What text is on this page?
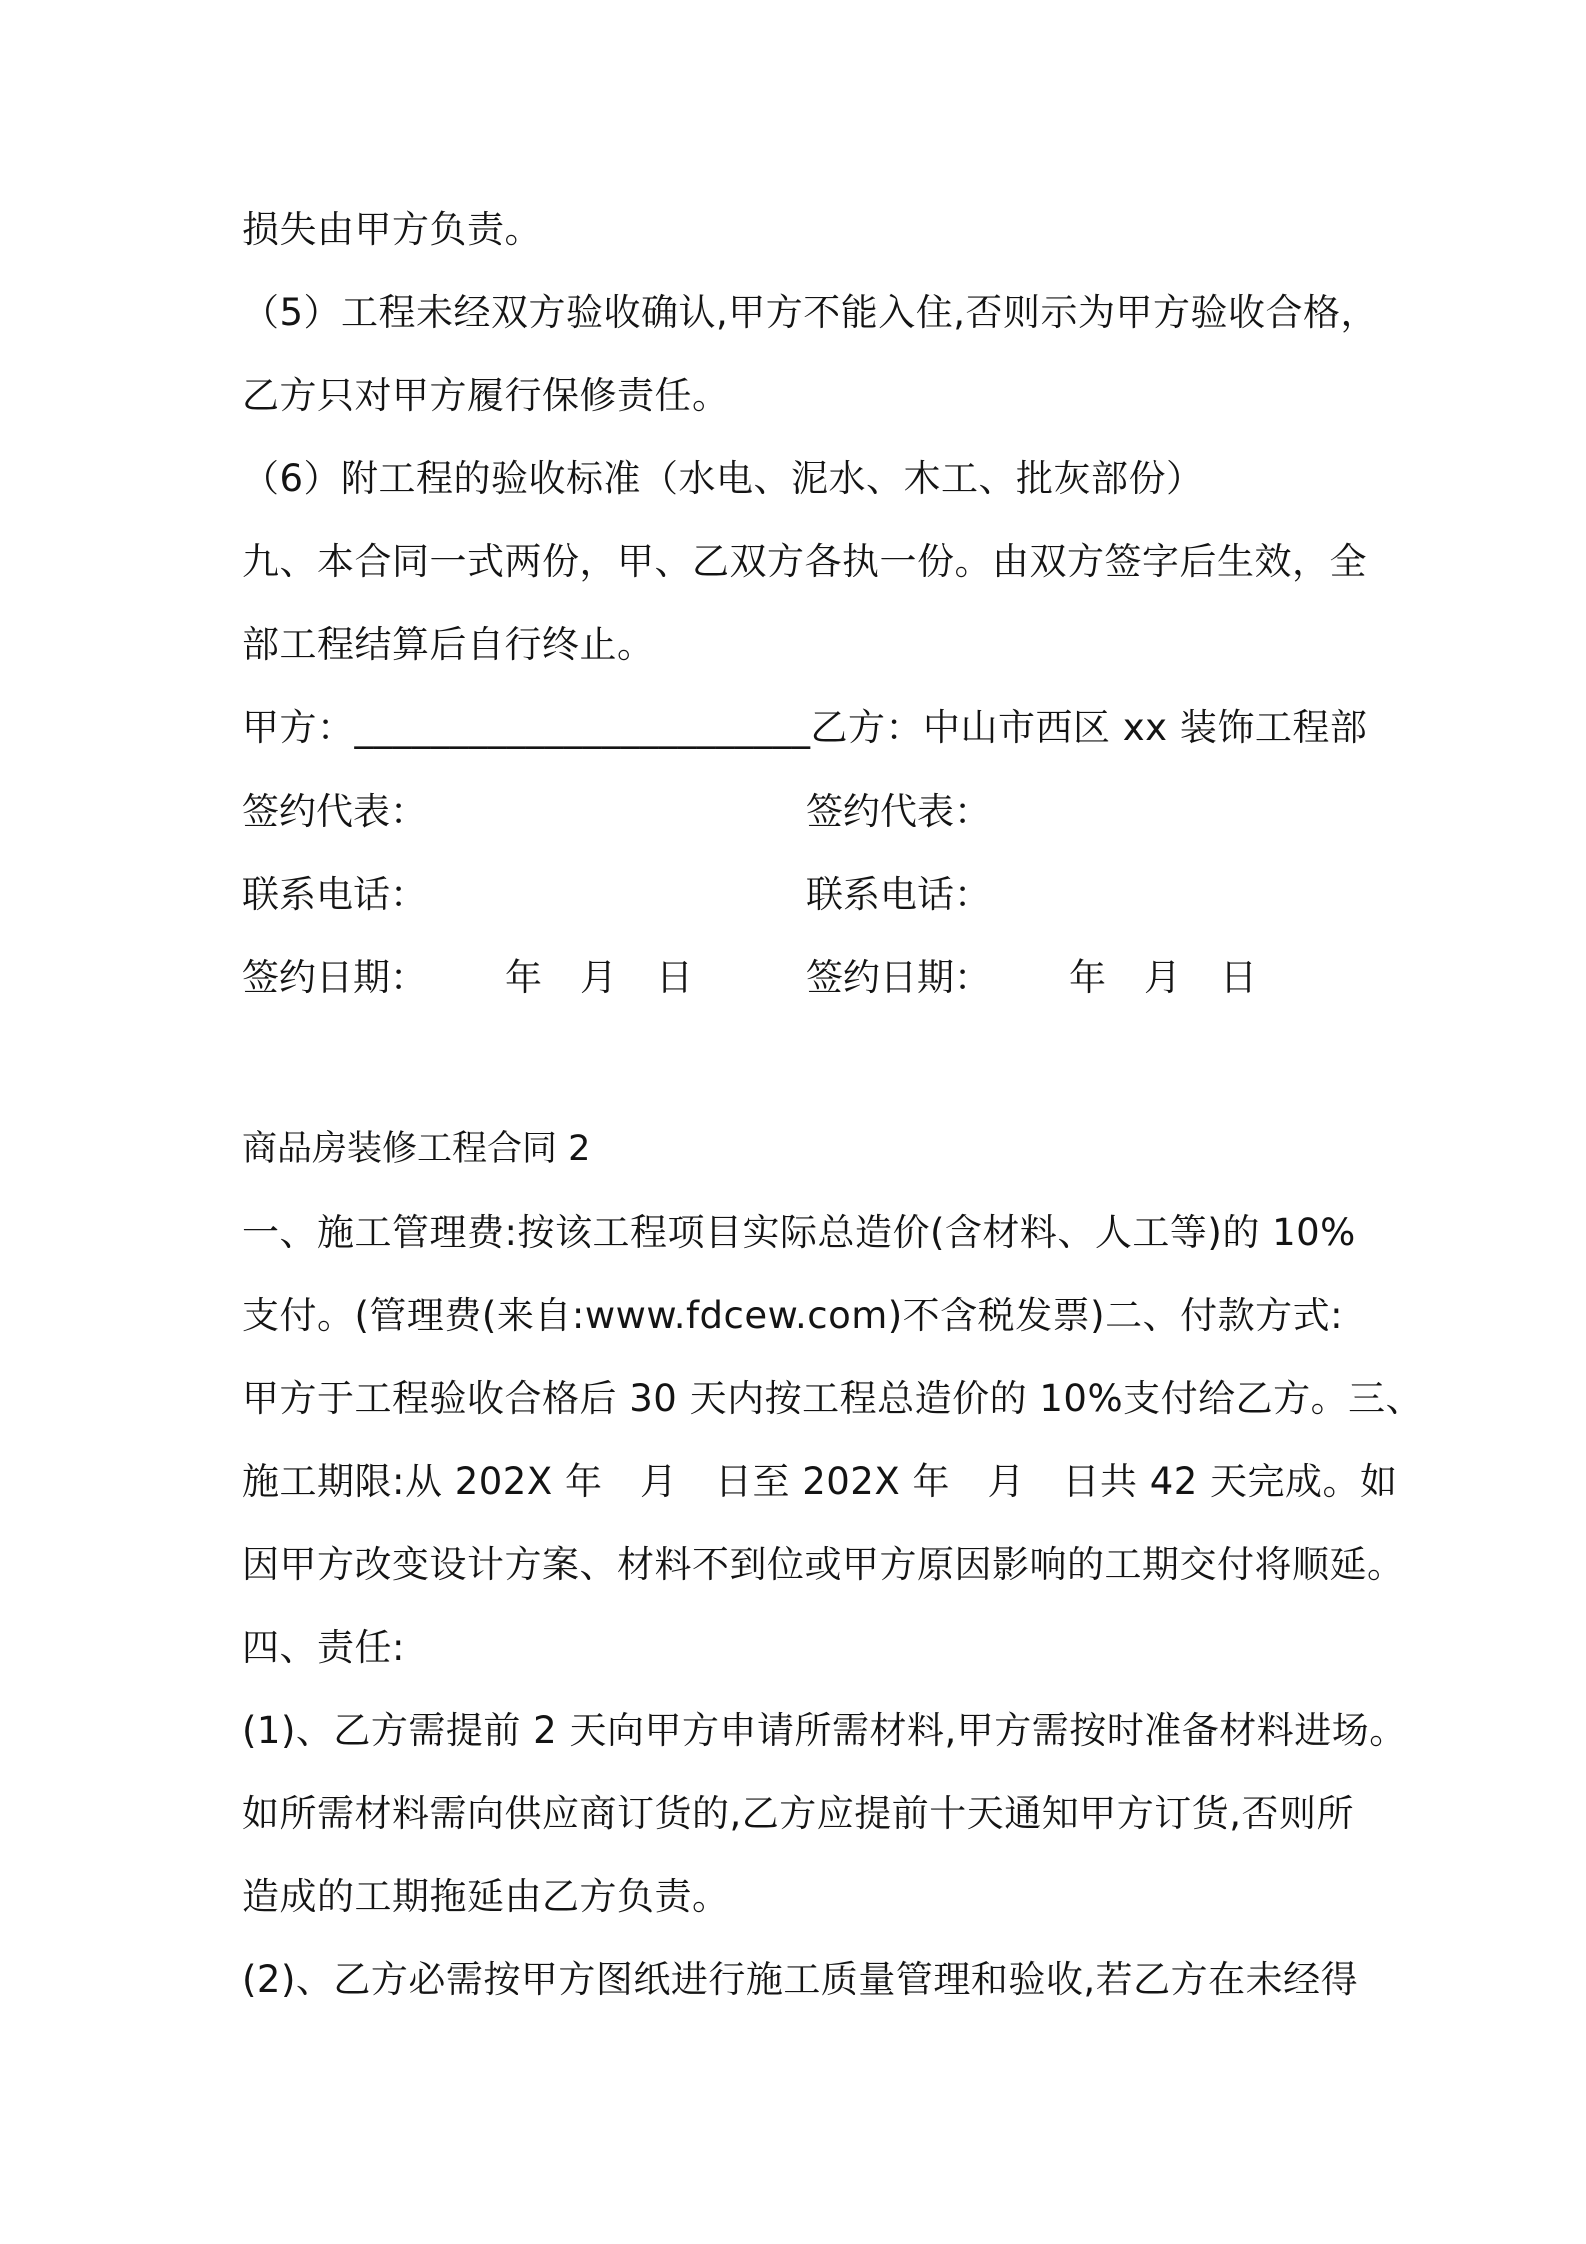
损失由甲方负责。
（5）工程未经双方验收确认,甲方不能入住,否则示为甲方验收合格，
乙方只对甲方履行保修责任。
（6）附工程的验收标准（水电、泥水、木工、批灰部份）
九、本合同一式两份，甲、乙双方各执一份。由双方签字后生效，全
部工程结算后自行终止。
甲方：________________________乙方：中山市西区 xx 装饰工程部
签约代表：	签约代表：
联系电话：	联系电话：
签约日期： 年 月 日	签约日期： 年 月 日
商品房装修工程合同 2
一、施工管理费:按该工程项目实际总造价(含材料、人工等)的 10%
支付。(管理费(来自:www.fdcew.com)不含税发票)二、付款方式:
甲方于工程验收合格后 30 天内按工程总造价的 10%支付给乙方。三、
施工期限:从 202X 年　月　日至 202X 年　月　日共 42 天完成。如
因甲方改变设计方案、材料不到位或甲方原因影响的工期交付将顺延。
四、责任:
(1)、乙方需提前 2 天向甲方申请所需材料,甲方需按时准备材料进场。
如所需材料需向供应商订货的,乙方应提前十天通知甲方订货,否则所
造成的工期拖延由乙方负责。
(2)、乙方必需按甲方图纸进行施工质量管理和验收,若乙方在未经得
